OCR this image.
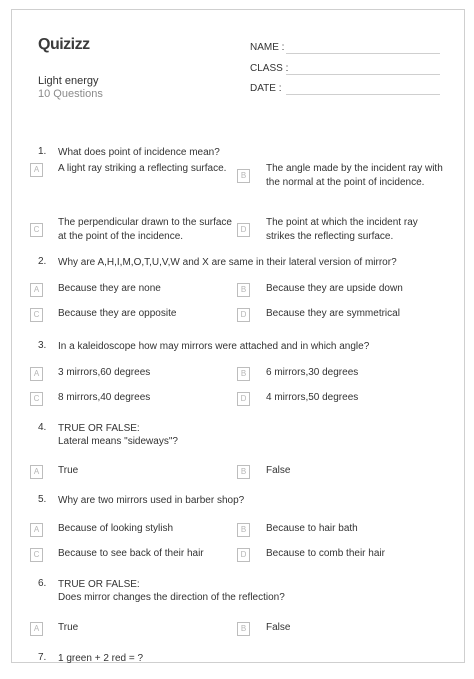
Quizizz
Light energy
10 Questions
NAME :
CLASS :
DATE :
1.	What does point of incidence mean?
A	A light ray striking a reflecting surface.
B
The angle made by the incident ray with
the normal at the point of incidence.
C
The perpendicular drawn to the surface
at the point of the incidence.
D
The point at which the incident ray
strikes the reflecting surface.
2.	Why are A,H,I,M,O,T,U,V,W and X are same in their lateral version of mirror?
A	Because they are none	B	Because they are upside down
C	Because they are opposite	D	Because they are symmetrical
3.	In a kaleidoscope how may mirrors were attached and in which angle?
A	3 mirrors,60 degrees	B	6 mirrors,30 degrees
C	8 mirrors,40 degrees	D	4 mirrors,50 degrees
4.	TRUE OR FALSE:
Lateral means "sideways"?
A	True	B	False
5.	Why are two mirrors used in barber shop?
A	Because of looking stylish	B	Because to hair bath
C	Because to see back of their hair	D	Because to comb their hair
6.	TRUE OR FALSE:
Does mirror changes the direction of the reflection?
A	True	B	False
7.	1 green + 2 red = ?
